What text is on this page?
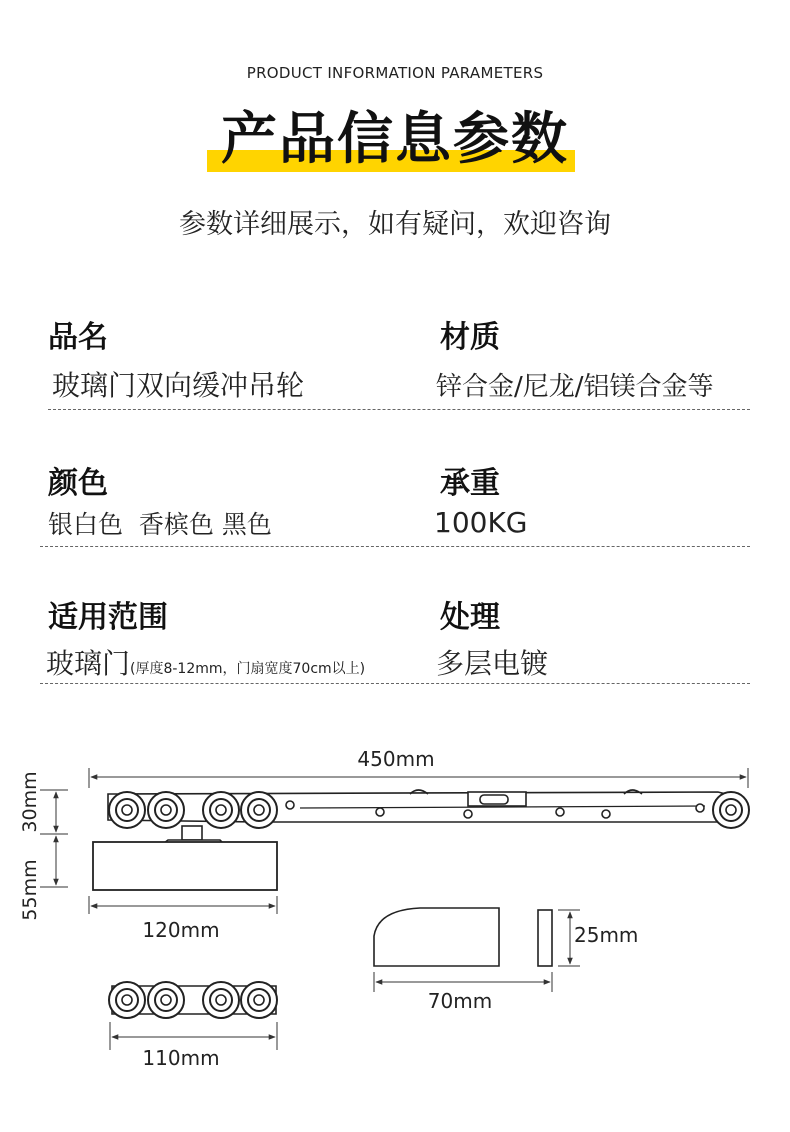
PRODUCT INFORMATION PARAMETERS
产品信息参数
参数详细展示，如有疑问，欢迎咨询
品名
玻璃门双向缓冲吊轮
材质
锌合金/尼龙/铝镁合金等
颜色
银白色  香槟色 黑色
承重
100KG
适用范围
玻璃门(厚度8-12mm，门扇宽度70cm以上)
处理
多层电镀
450mm
30mm
55mm
120mm	25mm
70mm
110mm
